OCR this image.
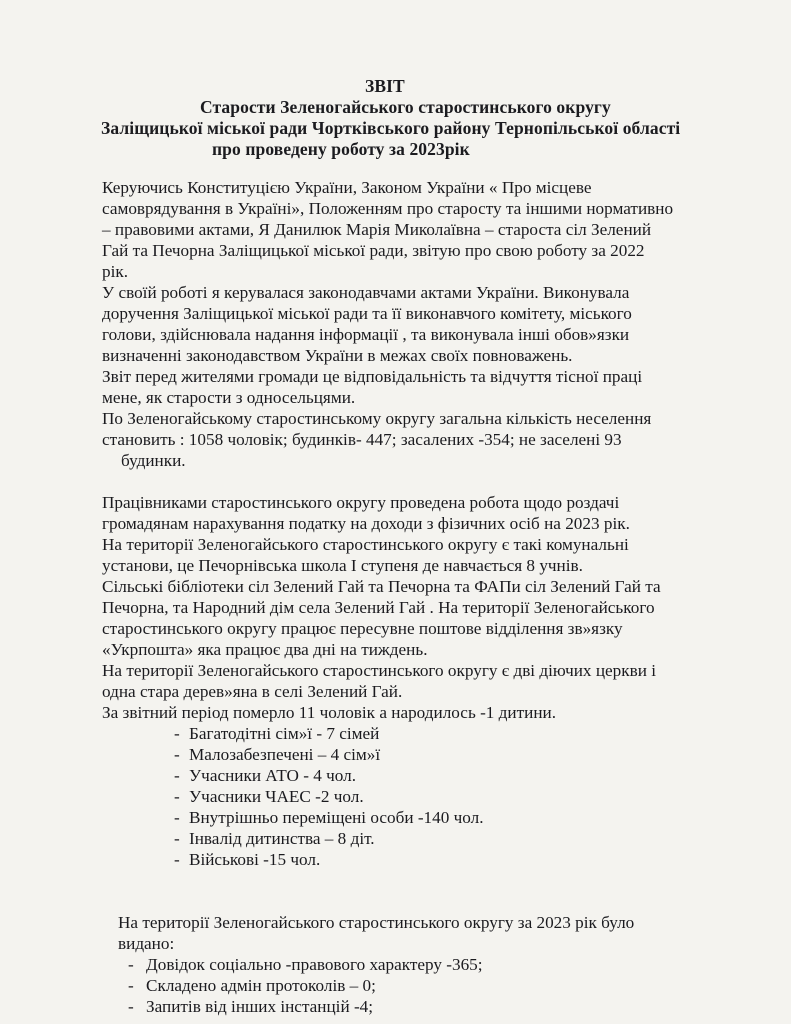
ЗВІТ
Старости Зеленогайського старостинського округу
Заліщицької міської ради Чортківського району Тернопільської області
про проведену роботу за 2023рік
Керуючись Конституцією України, Законом України « Про місцеве
самоврядування в Україні», Положенням про старосту та іншими нормативно
– правовими актами, Я Данилюк Марія Миколаївна – староста сіл Зелений
Гай та Печорна Заліщицької міської ради, звітую про свою роботу за 2022
рік.
У своїй роботі я керувалася законодавчами актами України. Виконувала
доручення Заліщицької міської ради та її виконавчого комітету, міського
голови, здійснювала надання інформації , та виконувала інші обов»язки
визначенні законодавством України в межах своїх повноважень.
Звіт перед жителями громади це відповідальність та відчуття тісної праці
мене, як старости з односельцями.
По Зеленогайському старостинському округу загальна кількість неселення
становить : 1058 чоловік; будинків- 447; засалених -354; не заселені 93
будинки.
Працівниками старостинського округу проведена робота щодо роздачі
громадянам нарахування податку на доходи з фізичних осіб на 2023 рік.
На території Зеленогайського старостинського округу є такі комунальні
установи, це Печорнівська школа І ступеня де навчається 8 учнів.
Сільські бібліотеки сіл Зелений Гай та Печорна та ФАПи сіл Зелений Гай та
Печорна, та Народний дім села Зелений Гай . На території Зеленогайського
старостинського округу працює пересувне поштове відділення зв»язку
«Укрпошта» яка працює два дні на тиждень.
На території Зеленогайського старостинського округу є дві діючих церкви і
одна стара дерев»яна в селі Зелений Гай.
За звітний період померло 11 чоловік а народилось -1 дитини.
- Багатодітні сім»ї - 7 сімей
- Малозабезпечені – 4 сім»ї
- Учасники АТО - 4 чол.
- Учасники ЧАЕС -2 чол.
- Внутрішньо переміщені особи -140 чол.
- Інвалід дитинства – 8 діт.
- Військові -15 чол.
На території Зеленогайського старостинського округу за 2023 рік було
видано:
- Довідок соціально -правового характеру -365;
- Складено адмін протоколів – 0;
- Запитів від інших інстанцій -4;
